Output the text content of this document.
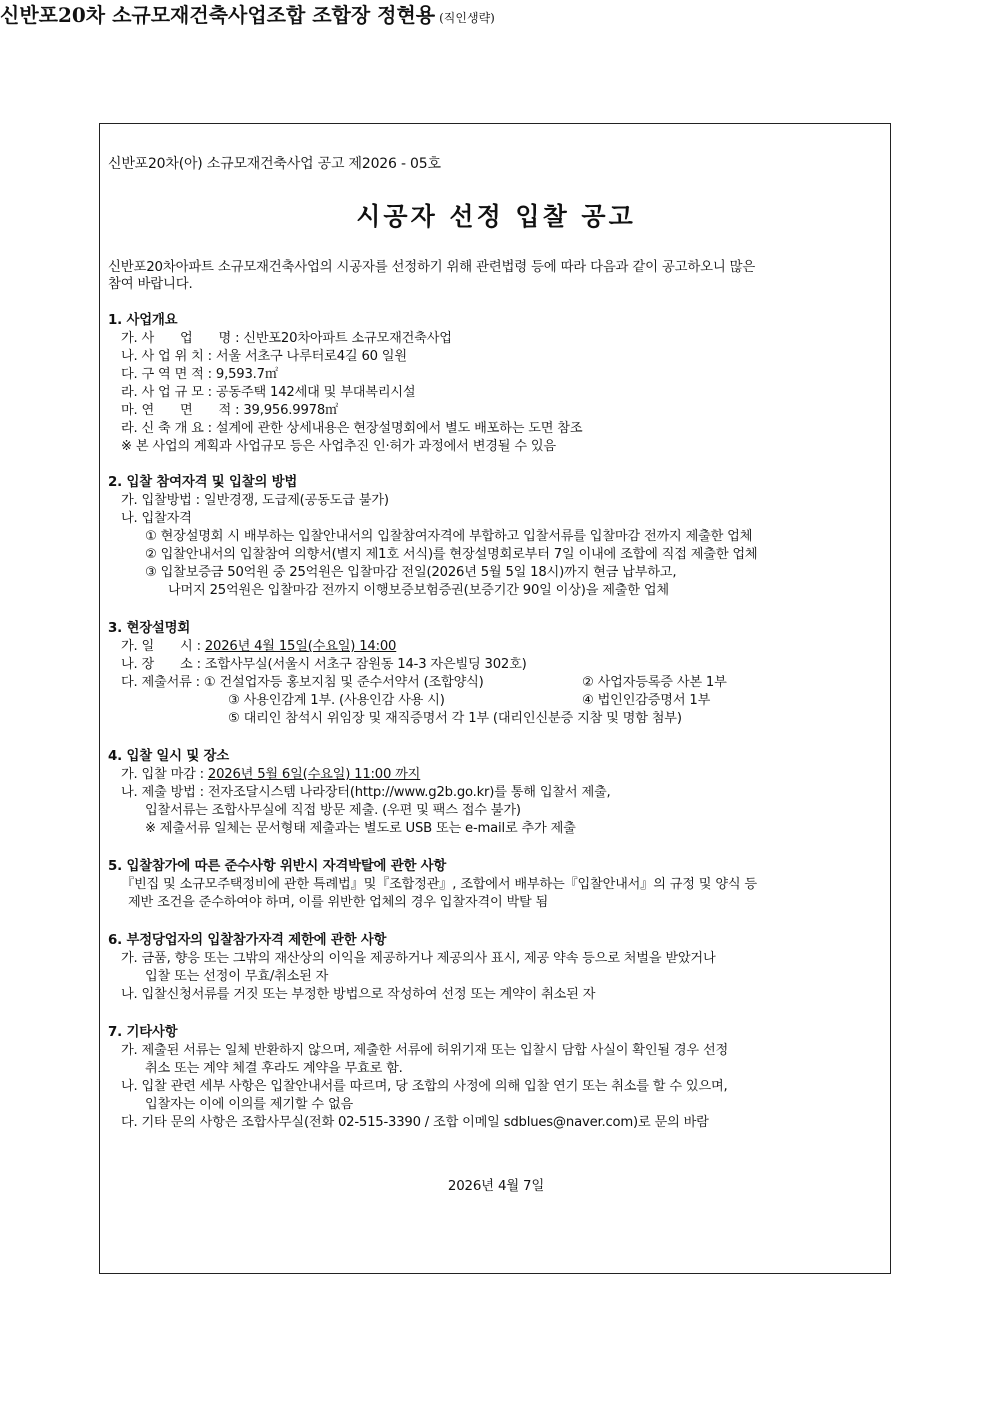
신반포20차(아) 소규모재건축사업 공고 제2026 - 05호
시공자 선정 입찰 공고
신반포20차아파트 소규모재건축사업의 시공자를 선정하기 위해 관련법령 등에 따라 다음과 같이 공고하오니 많은
참여 바랍니다.
1. 사업개요
가. 사　　업　　명 : 신반포20차아파트 소규모재건축사업
나. 사 업 위 치 : 서울 서초구 나루터로4길 60 일원
다. 구 역 면 적 : 9,593.7㎡
라. 사 업 규 모 : 공동주택 142세대 및 부대복리시설
마. 연　　면　　적 : 39,956.9978㎡
라. 신 축 개 요 : 설계에 관한 상세내용은 현장설명회에서 별도 배포하는 도면 참조
※ 본 사업의 계획과 사업규모 등은 사업추진 인·허가 과정에서 변경될 수 있음
2. 입찰 참여자격 및 입찰의 방법
가. 입찰방법 : 일반경쟁, 도급제(공동도급 불가)
나. 입찰자격
① 현장설명회 시 배부하는 입찰안내서의 입찰참여자격에 부합하고 입찰서류를 입찰마감 전까지 제출한 업체
② 입찰안내서의 입찰참여 의향서(별지 제1호 서식)를 현장설명회로부터 7일 이내에 조합에 직접 제출한 업체
③ 입찰보증금 50억원 중 25억원은 입찰마감 전일(2026년 5월 5일 18시)까지 현금 납부하고,
나머지 25억원은 입찰마감 전까지 이행보증보험증권(보증기간 90일 이상)을 제출한 업체
3. 현장설명회
가. 일　　시 : 2026년 4월 15일(수요일) 14:00
나. 장　　소 : 조합사무실(서울시 서초구 잠원동 14-3 자은빌딩 302호)
다. 제출서류 : ① 건설업자등 홍보지침 및 준수서약서 (조합양식)	② 사업자등록증 사본 1부
③ 사용인감계 1부. (사용인감 사용 시)	④ 법인인감증명서 1부
⑤ 대리인 참석시 위임장 및 재직증명서 각 1부 (대리인신분증 지참 및 명함 첨부)
4. 입찰 일시 및 장소
가. 입찰 마감 : 2026년 5월 6일(수요일) 11:00 까지
나. 제출 방법 : 전자조달시스템 나라장터(http://www.g2b.go.kr)를 통해 입찰서 제출,
입찰서류는 조합사무실에 직접 방문 제출. (우편 및 팩스 접수 불가)
※ 제출서류 일체는 문서형태 제출과는 별도로 USB 또는 e-mail로 추가 제출
5. 입찰참가에 따른 준수사항 위반시 자격박탈에 관한 사항
『빈집 및 소규모주택정비에 관한 특례법』및『조합정관』, 조합에서 배부하는『입찰안내서』의 규정 및 양식 등
제반 조건을 준수하여야 하며, 이를 위반한 업체의 경우 입찰자격이 박탈 됨
6. 부정당업자의 입찰참가자격 제한에 관한 사항
가. 금품, 향응 또는 그밖의 재산상의 이익을 제공하거나 제공의사 표시, 제공 약속 등으로 처벌을 받았거나
입찰 또는 선정이 무효/취소된 자
나. 입찰신청서류를 거짓 또는 부정한 방법으로 작성하여 선정 또는 계약이 취소된 자
7. 기타사항
가. 제출된 서류는 일체 반환하지 않으며, 제출한 서류에 허위기재 또는 입찰시 담합 사실이 확인될 경우 선정
취소 또는 계약 체결 후라도 계약을 무효로 함.
나. 입찰 관련 세부 사항은 입찰안내서를 따르며, 당 조합의 사정에 의해 입찰 연기 또는 취소를 할 수 있으며,
입찰자는 이에 이의를 제기할 수 없음
다. 기타 문의 사항은 조합사무실(전화 02-515-3390 / 조합 이메일 sdblues@naver.com)로 문의 바람
2026년 4월 7일
신반포20차 소규모재건축사업조합 조합장 정현용 (직인생략)
